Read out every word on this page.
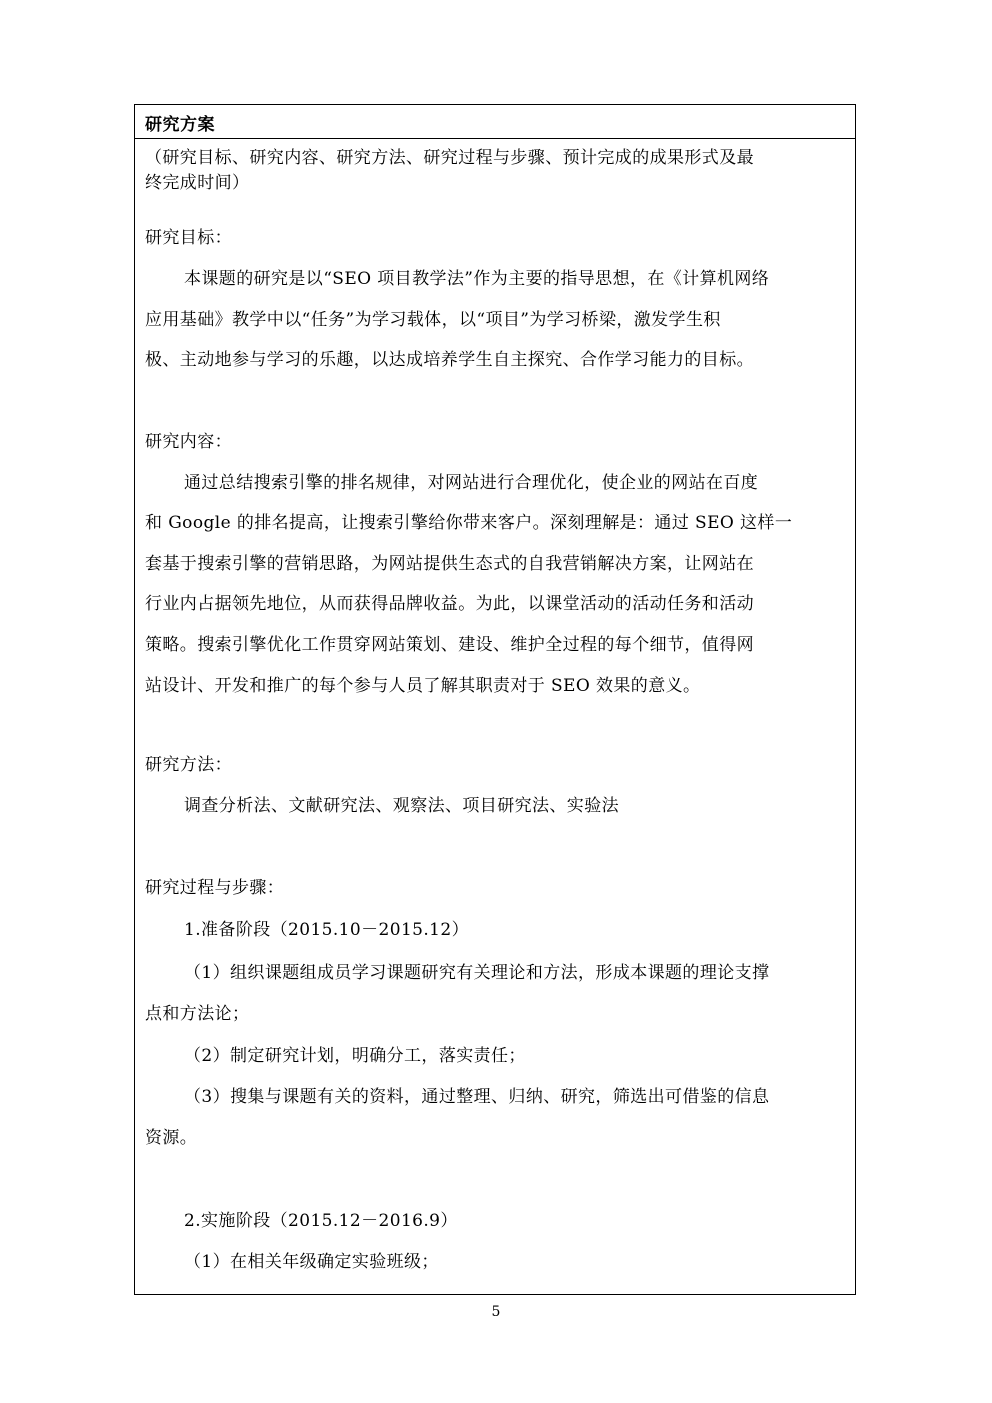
研究方案
（研究目标、研究内容、研究方法、研究过程与步骤、预计完成的成果形式及最
终完成时间）
研究目标：
本课题的研究是以“SEO 项目教学法”作为主要的指导思想，在《计算机网络
应用基础》教学中以“任务”为学习载体，以“项目”为学习桥梁，激发学生积
极、主动地参与学习的乐趣，以达成培养学生自主探究、合作学习能力的目标。
研究内容：
通过总结搜索引擎的排名规律，对网站进行合理优化，使企业的网站在百度
和 Google 的排名提高，让搜索引擎给你带来客户。深刻理解是：通过 SEO 这样一
套基于搜索引擎的营销思路，为网站提供生态式的自我营销解决方案，让网站在
行业内占据领先地位，从而获得品牌收益。为此，以课堂活动的活动任务和活动
策略。搜索引擎优化工作贯穿网站策划、建设、维护全过程的每个细节，值得网
站设计、开发和推广的每个参与人员了解其职责对于 SEO 效果的意义。
研究方法：
调查分析法、文献研究法、观察法、项目研究法、实验法
研究过程与步骤：
1.准备阶段（2015.10－2015.12）
（1）组织课题组成员学习课题研究有关理论和方法，形成本课题的理论支撑
点和方法论；
（2）制定研究计划，明确分工，落实责任；
（3）搜集与课题有关的资料，通过整理、归纳、研究，筛选出可借鉴的信息
资源。
2.实施阶段（2015.12－2016.9）
（1）在相关年级确定实验班级；
5
